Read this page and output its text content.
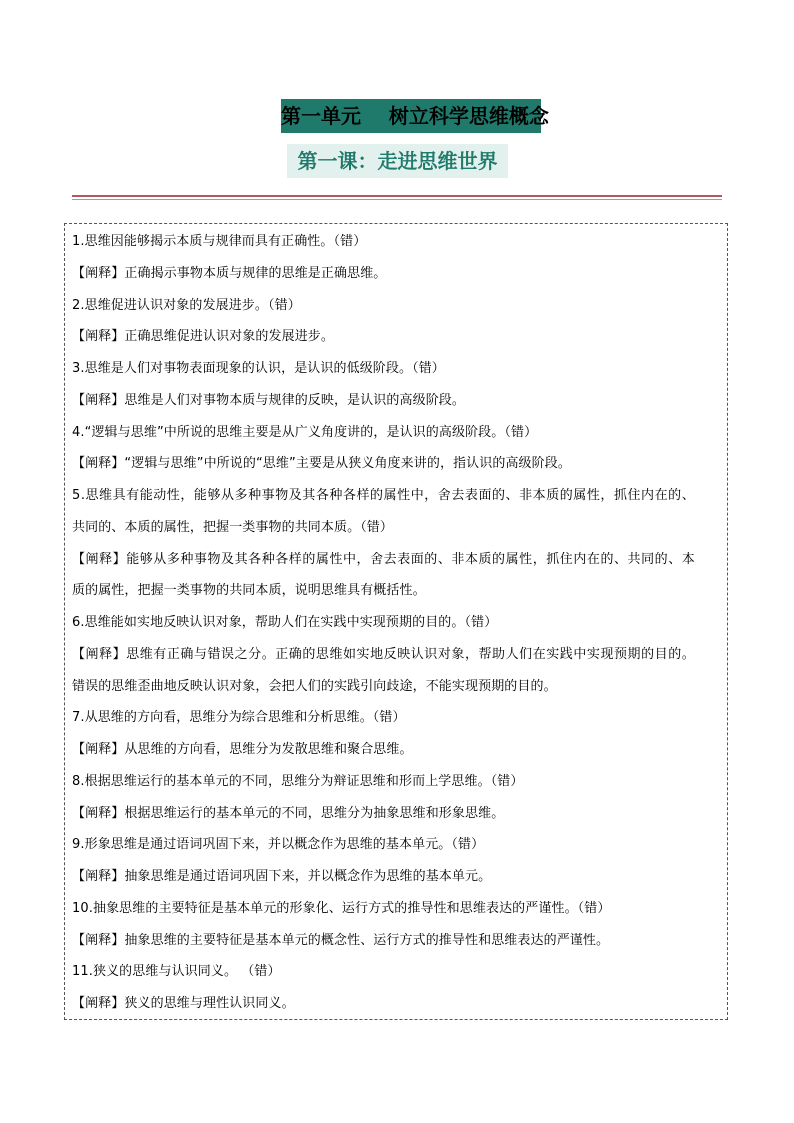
第一单元    树立科学思维概念
第一课：走进思维世界
1.思维因能够揭示本质与规律而具有正确性。（错）
【阐释】正确揭示事物本质与规律的思维是正确思维。
2.思维促进认识对象的发展进步。（错）
【阐释】正确思维促进认识对象的发展进步。
3.思维是人们对事物表面现象的认识，是认识的低级阶段。（错）
【阐释】思维是人们对事物本质与规律的反映，是认识的高级阶段。
4.“逻辑与思维”中所说的思维主要是从广义角度讲的，是认识的高级阶段。（错）
【阐释】“逻辑与思维”中所说的“思维”主要是从狭义角度来讲的，指认识的高级阶段。
5.思维具有能动性，能够从多种事物及其各种各样的属性中，舍去表面的、非本质的属性，抓住内在的、
共同的、本质的属性，把握一类事物的共同本质。（错）
【阐释】能够从多种事物及其各种各样的属性中，舍去表面的、非本质的属性，抓住内在的、共同的、本
质的属性，把握一类事物的共同本质，说明思维具有概括性。
6.思维能如实地反映认识对象，帮助人们在实践中实现预期的目的。（错）
【阐释】思维有正确与错误之分。正确的思维如实地反映认识对象，帮助人们在实践中实现预期的目的。
错误的思维歪曲地反映认识对象，会把人们的实践引向歧途，不能实现预期的目的。
7.从思维的方向看，思维分为综合思维和分析思维。（错）
【阐释】从思维的方向看，思维分为发散思维和聚合思维。
8.根据思维运行的基本单元的不同，思维分为辩证思维和形而上学思维。（错）
【阐释】根据思维运行的基本单元的不同，思维分为抽象思维和形象思维。
9.形象思维是通过语词巩固下来，并以概念作为思维的基本单元。（错）
【阐释】抽象思维是通过语词巩固下来，并以概念作为思维的基本单元。
10.抽象思维的主要特征是基本单元的形象化、运行方式的推导性和思维表达的严谨性。（错）
【阐释】抽象思维的主要特征是基本单元的概念性、运行方式的推导性和思维表达的严谨性。
11.狭义的思维与认识同义。 （错）
【阐释】狭义的思维与理性认识同义。
